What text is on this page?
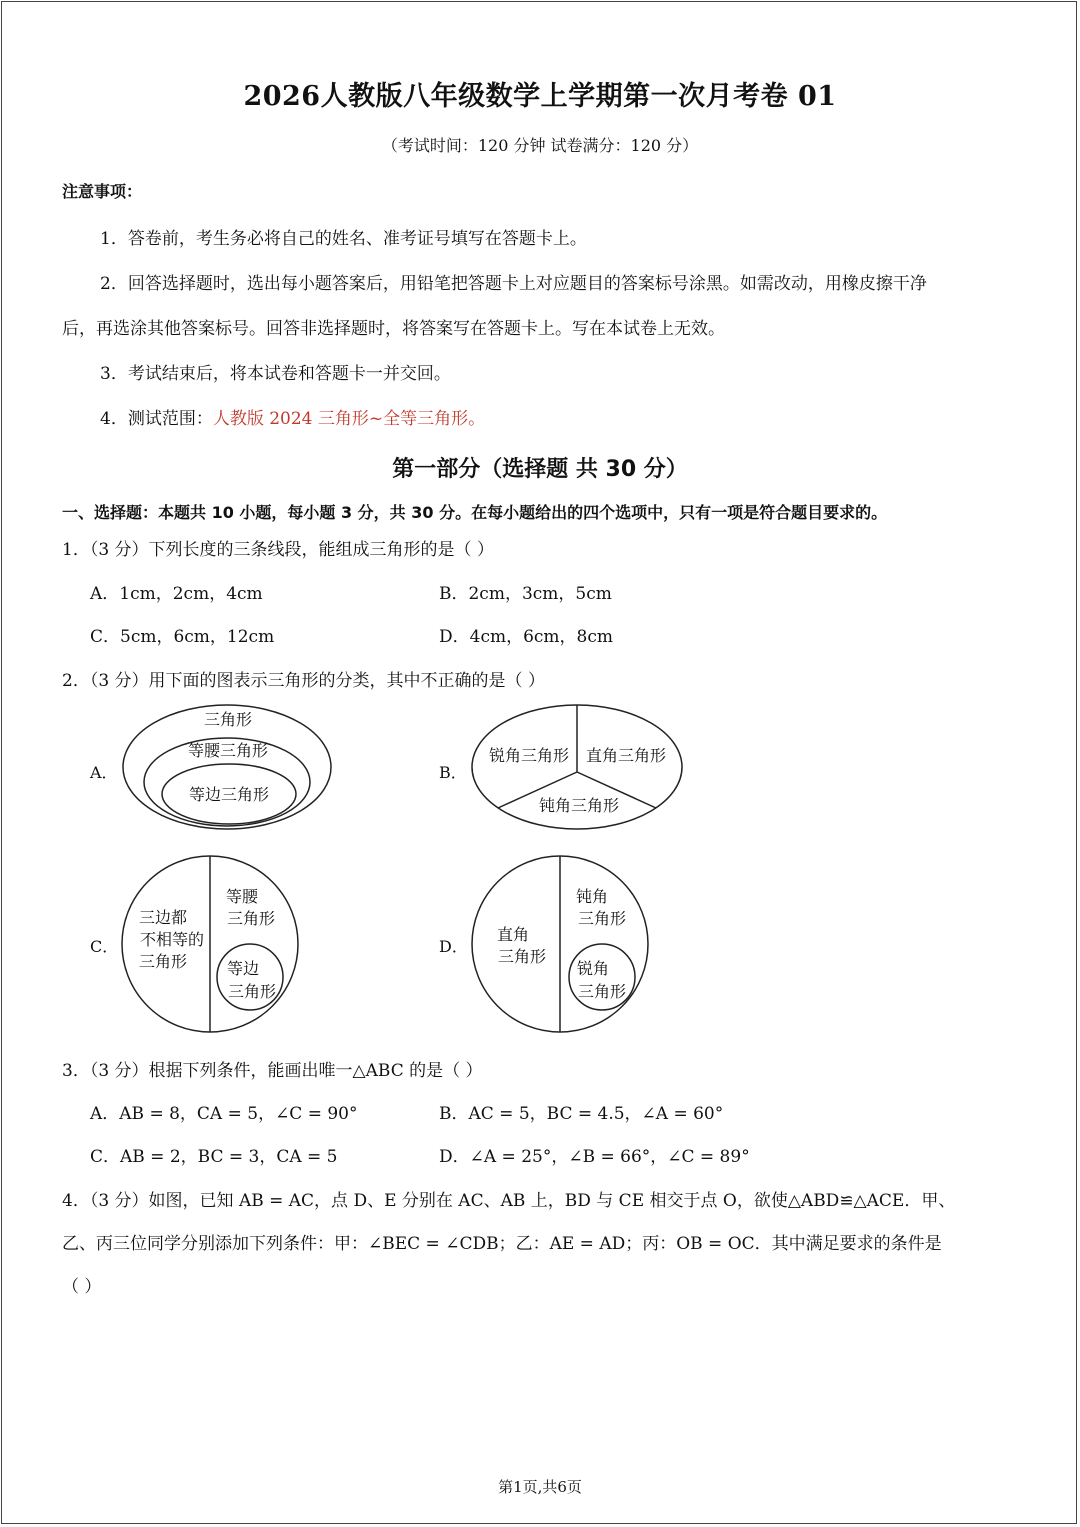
2026人教版八年级数学上学期第一次月考卷 01
（考试时间：120 分钟 试卷满分：120 分）
注意事项：
1．答卷前，考生务必将自己的姓名、准考证号填写在答题卡上。
2．回答选择题时，选出每小题答案后，用铅笔把答题卡上对应题目的答案标号涂黑。如需改动，用橡皮擦干净
后，再选涂其他答案标号。回答非选择题时，将答案写在答题卡上。写在本试卷上无效。
3．考试结束后，将本试卷和答题卡一并交回。
4．测试范围：人教版 2024 三角形~全等三角形。
第一部分（选择题 共 30 分）
一、选择题：本题共 10 小题，每小题 3 分，共 30 分。在每小题给出的四个选项中，只有一项是符合题目要求的。
1．（3 分）下列长度的三条线段，能组成三角形的是（ ）
A．1cm，2cm，4cm	B．2cm，3cm，5cm
C．5cm，6cm，12cm	D．4cm，6cm，8cm
2．（3 分）用下面的图表示三角形的分类，其中不正确的是（ ）
A．	B．
C．	D．
三角形
等腰三角形
等边三角形
锐角三角形 直角三角形
钝角三角形
三边都
不相等的
三角形
等腰
三角形
等边
三角形
直角
三角形
钝角
三角形
锐角
三角形
3．（3 分）根据下列条件，能画出唯一△ABC 的是（ ）
A．AB = 8，CA = 5，∠C = 90°	B．AC = 5，BC = 4.5，∠A = 60°
C．AB = 2，BC = 3，CA = 5	D．∠A = 25°，∠B = 66°，∠C = 89°
4．（3 分）如图，已知 AB = AC，点 D、E 分别在 AC、AB 上，BD 与 CE 相交于点 O，欲使△ABD≌△ACE．甲、
乙、丙三位同学分别添加下列条件：甲：∠BEC = ∠CDB；乙：AE = AD；丙：OB = OC．其中满足要求的条件是
（ ）
第1页,共6页
